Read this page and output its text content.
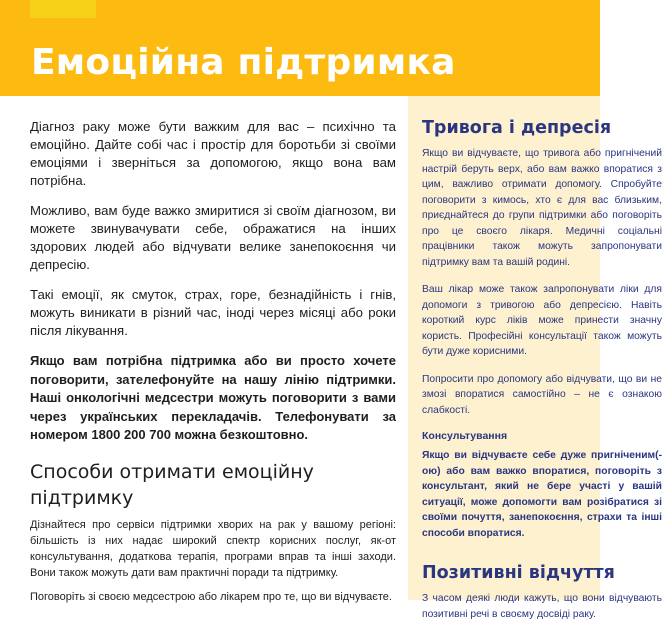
Емоційна підтримка

Діагноз раку може бути важким для вас – психічно та емоційно. Дайте собі час і простір для боротьби зі своїми емоціями і зверніться за допомогою, якщо вона вам потрібна.

Можливо, вам буде важко змиритися зі своїм діагнозом, ви можете звинувачувати себе, ображатися на інших здорових людей або відчувати велике занепокоєння чи депресію.

Такі емоції, як смуток, страх, горе, безнадійність і гнів, можуть виникати в різний час, іноді через місяці або роки після лікування.

Якщо вам потрібна підтримка або ви просто хочете поговорити, зателефонуйте на нашу лінію підтримки. Наші онкологічні медсестри можуть поговорити з вами через українських перекладачів. Телефонувати за номером 1800 200 700 можна безкоштовно.

Способи отримати емоційну підтримку

Дізнайтеся про сервіси підтримки хворих на рак у вашому регіоні: більшість із них надає широкий спектр корисних послуг, як-от консультування, додаткова терапія, програми вправ та інші заходи. Вони також можуть дати вам практичні поради та підтримку.

Поговоріть зі своєю медсестрою або лікарем про те, що ви відчуваєте.

Тривога і депресія

Якщо ви відчуваєте, що тривога або пригнічений настрій беруть верх, або вам важко впоратися з цим, важливо отримати допомогу. Спробуйте поговорити з кимось, хто є для вас близьким, приєднайтеся до групи підтримки або поговоріть про це своєго лікаря. Медичні соціальні працівники також можуть запропонувати підтримку вам та вашій родині.

Ваш лікар може також запропонувати ліки для допомоги з тривогою або депресією. Навіть короткий курс ліків може принести значну користь. Професійні консультації також можуть бути дуже корисними.

Попросити про допомогу або відчувати, що ви не змозі впоратися самостійно – не є ознакою слабкості.

Консультування

Якщо ви відчуваєте себе дуже пригніченим(-ою) або вам важко впоратися, поговоріть з консультант, який не бере участі у вашій ситуації, може допомогти вам розібратися зі своїми почуття, занепокоєння, страхи та інші способи впоратися.

Позитивні відчуття

З часом деякі люди кажуть, що вони відчувають позитивні речі в своєму досвіді раку.
